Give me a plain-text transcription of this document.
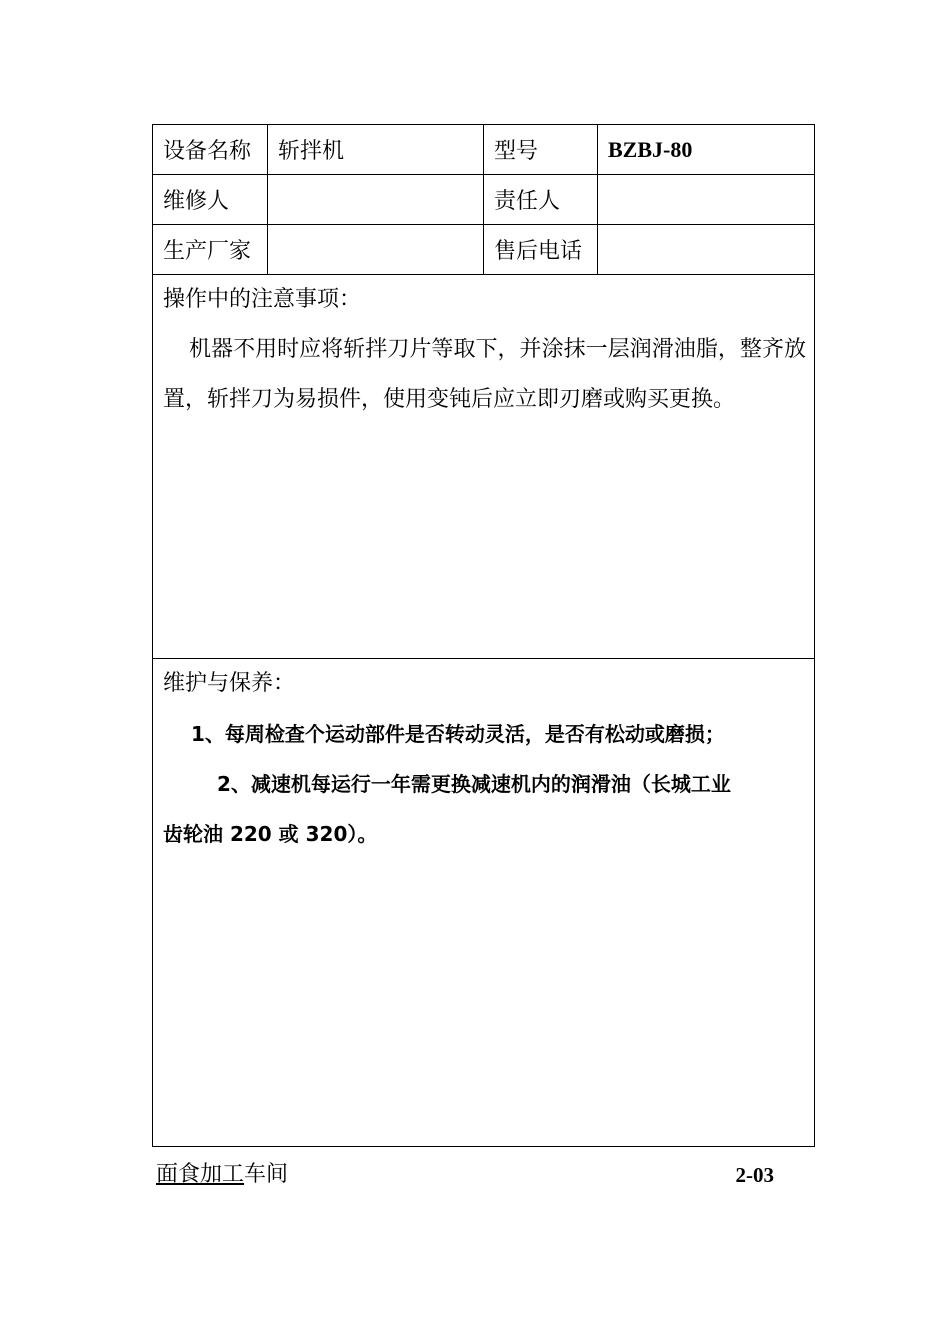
设备名称	斩拌机	型号	BZBJ-80
维修人		责任人	
生产厂家		售后电话	

操作中的注意事项：

机器不用时应将斩拌刀片等取下，并涂抹一层润滑油脂，整齐放置，斩拌刀为易损件，使用变钝后应立即刃磨或购买更换。			

维护与保养：

1、每周检查个运动部件是否转动灵活，是否有松动或磨损；

2、减速机每运行一年需更换减速机内的润滑油（长城工业

齿轮油 220 或 320）。			

面食加工车间	2-03
